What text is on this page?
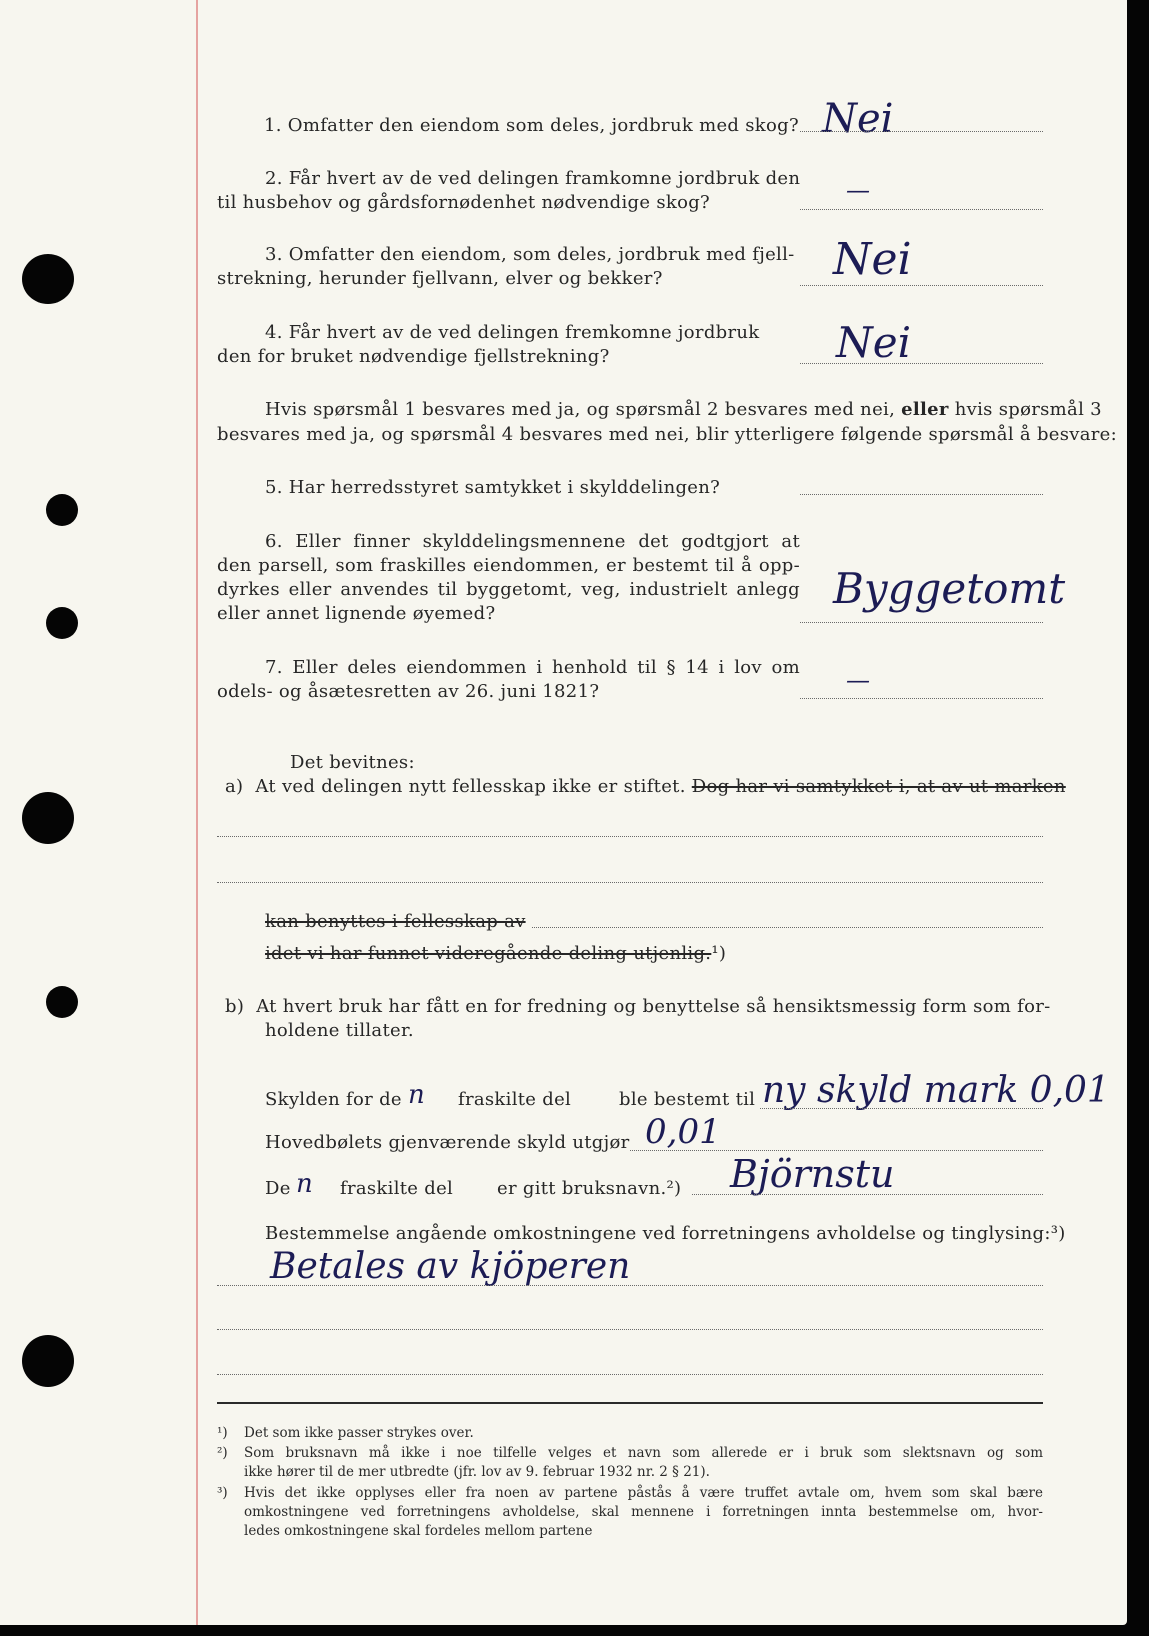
1. Omfatter den eiendom som deles, jordbruk med skog? Nei
2. Får hvert av de ved delingen framkomne jordbruk den
til husbehov og gårdsfornødenhet nødvendige skog?	—
3. Omfatter den eiendom, som deles, jordbruk med fjell-
strekning, herunder fjellvann, elver og bekker?	Nei
4. Får hvert av de ved delingen fremkomne jordbruk
den for bruket nødvendige fjellstrekning?	Nei
Hvis spørsmål 1 besvares med ja, og spørsmål 2 besvares med nei, eller hvis spørsmål 3
besvares med ja, og spørsmål 4 besvares med nei, blir ytterligere følgende spørsmål å besvare:
5. Har herredsstyret samtykket i skylddelingen?
6. Eller finner skylddelingsmennene det godtgjort at
den parsell, som fraskilles eiendommen, er bestemt til å opp-
dyrkes eller anvendes til byggetomt, veg, industrielt anlegg
eller annet lignende øyemed?
Byggetomt
7. Eller deles eiendommen i henhold til § 14 i lov om
odels- og åsætesretten av 26. juni 1821?	—
Det bevitnes:
a) At ved delingen nytt fellesskap ikke er stiftet. Dog har vi samtykket i, at av ut marken
kan benyttes i fellesskap av
idet vi har funnet videregående deling utjenlig.¹)
b) At hvert bruk har fått en for fredning og benyttelse så hensiktsmessig form som for-
holdene tillater.
Skylden for de n fraskilte del	ble bestemt til ny skyld mark 0,01
Hovedbølets gjenværende skyld utgjør 0,01
De n fraskilte del er gitt bruksnavn.²) Björnstu
Bestemmelse angående omkostningene ved forretningens avholdelse og tinglysing:³)
Betales av kjöperen
¹) Det som ikke passer strykes over.
²) Som bruksnavn må ikke i noe tilfelle velges et navn som allerede er i bruk som slektsnavn og som
ikke hører til de mer utbredte (jfr. lov av 9. februar 1932 nr. 2 § 21).
³) Hvis det ikke opplyses eller fra noen av partene påstås å være truffet avtale om, hvem som skal bære
omkostningene ved forretningens avholdelse, skal mennene i forretningen innta bestemmelse om, hvor-
ledes omkostningene skal fordeles mellom partene
